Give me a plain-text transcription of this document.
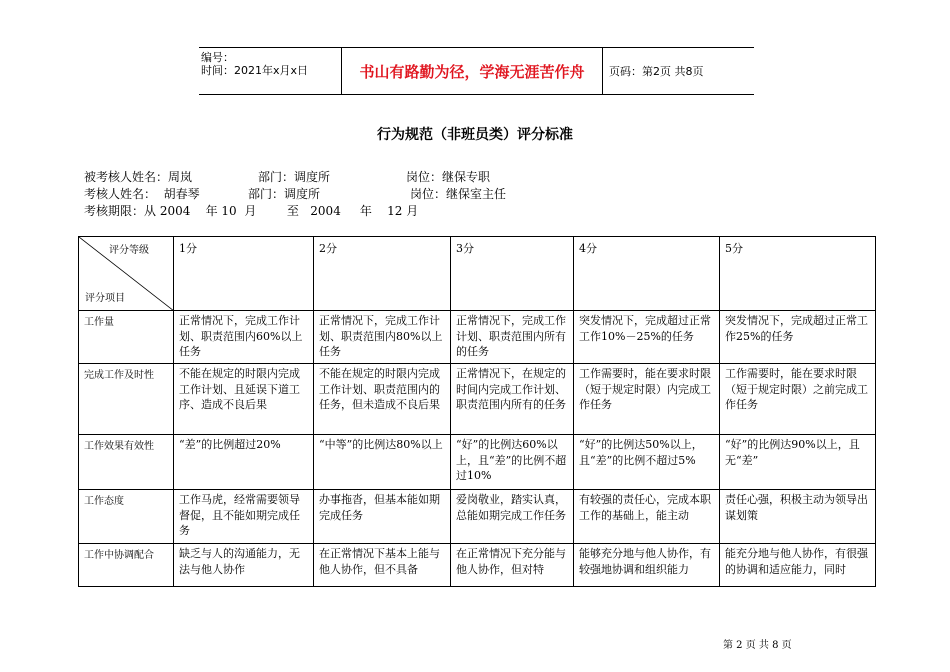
编号：
时间：2021年x月x日	书山有路勤为径，学海无涯苦作舟	页码：第2页 共8页
行为规范（非班员类）评分标准
被考核人姓名：周岚	部门：调度所	岗位：继保专职
考核人姓名：  胡春琴	部门：调度所	岗位：继保室主任
考核期限：从 2004    年 10  月        至   2004     年    12 月
评分等级
评分项目	1分	2分	3分	4分	5分
工作量	正常情况下，完成工作计划、职责范围内60%以上任务	正常情况下，完成工作计划、职责范围内80%以上任务	正常情况下，完成工作计划、职责范围内所有的任务	突发情况下，完成超过正常工作10%－25%的任务	突发情况下，完成超过正常工作25%的任务
完成工作及时性	不能在规定的时限内完成工作计划、且延误下道工序、造成不良后果	不能在规定的时限内完成工作计划、职责范围内的任务，但未造成不良后果	正常情况下，在规定的时间内完成工作计划、职责范围内所有的任务	工作需要时，能在要求时限（短于规定时限）内完成工作任务	工作需要时，能在要求时限（短于规定时限）之前完成工作任务
工作效果有效性	“差”的比例超过20%	“中等”的比例达80%以上	“好”的比例达60%以上，且“差”的比例不超过10%	“好”的比例达50%以上，且“差”的比例不超过5%	“好”的比例达90%以上，且无“差”
工作态度	工作马虎，经常需要领导督促，且不能如期完成任务	办事拖沓，但基本能如期完成任务	爱岗敬业，踏实认真，总能如期完成工作任务	有较强的责任心，完成本职工作的基础上，能主动	责任心强，积极主动为领导出谋划策
工作中协调配合	缺乏与人的沟通能力，无法与他人协作	在正常情况下基本上能与他人协作，但不具备	在正常情况下充分能与他人协作，但对特	能够充分地与他人协作，有较强地协调和组织能力	能充分地与他人协作，有很强的协调和适应能力，同时
第 2 页 共 8 页
